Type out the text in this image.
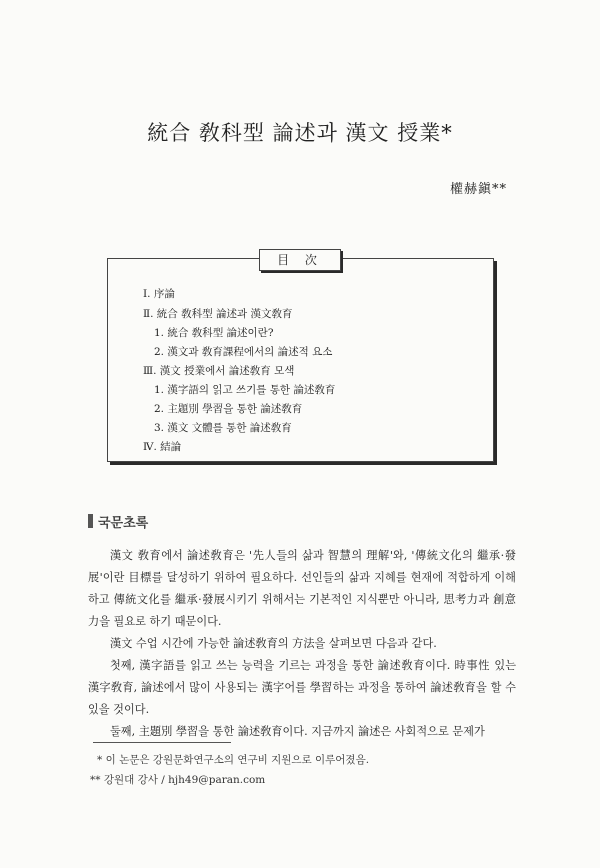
統合 敎科型 論述과 漢文 授業*
權赫鎭**
目 次
Ⅰ. 序論
Ⅱ. 統合 敎科型 論述과 漢文敎育
1. 統合 敎科型 論述이란?
2. 漢文과 敎育課程에서의 論述적 요소
Ⅲ. 漢文 授業에서 論述敎育 모색
1. 漢字語의 읽고 쓰기를 통한 論述敎育
2. 主題別 學習을 통한 論述敎育
3. 漢文 文體를 통한 論述敎育
Ⅳ. 結論
국문초록

漢文 敎育에서 論述敎育은 '先人들의 삶과 智慧의 理解'와, '傳統文化의 繼承·發展'이란 目標를 달성하기 위하여 필요하다. 선인들의 삶과 지혜를 현재에 적합하게 이해하고 傳統文化를 繼承·發展시키기 위해서는 기본적인 지식뿐만 아니라, 思考力과 創意力을 필요로 하기 때문이다.

漢文 수업 시간에 가능한 論述敎育의 方法을 살펴보면 다음과 같다.

첫째, 漢字語를 읽고 쓰는 능력을 기르는 과정을 통한 論述敎育이다. 時事性 있는 漢字敎育, 論述에서 많이 사용되는 漢字어를 學習하는 과정을 통하여 論述敎育을 할 수 있을 것이다.

둘째, 主題別 學習을 통한 論述敎育이다. 지금까지 論述은 사회적으로 문제가

* 이 논문은 강원문화연구소의 연구비 지원으로 이루어졌음.
** 강원대 강사 / hjh49@paran.com
